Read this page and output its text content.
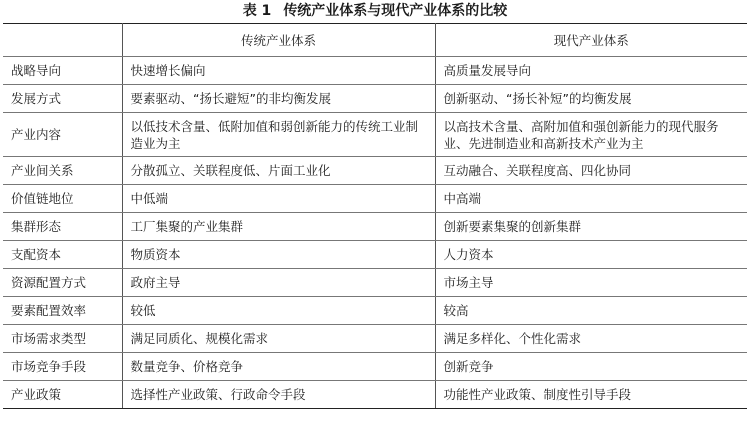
表 1 传统产业体系与现代产业体系的比较
	传统产业体系	现代产业体系
战略导向	快速增长偏向	高质量发展导向
发展方式	要素驱动、“扬长避短”的非均衡发展	创新驱动、“扬长补短”的均衡发展
产业内容	以低技术含量、低附加值和弱创新能力的传统工业制造业为主	以高技术含量、高附加值和强创新能力的现代服务业、先进制造业和高新技术产业为主
产业间关系	分散孤立、关联程度低、片面工业化	互动融合、关联程度高、四化协同
价值链地位	中低端	中高端
集群形态	工厂集聚的产业集群	创新要素集聚的创新集群
支配资本	物质资本	人力资本
资源配置方式	政府主导	市场主导
要素配置效率	较低	较高
市场需求类型	满足同质化、规模化需求	满足多样化、个性化需求
市场竞争手段	数量竞争、价格竞争	创新竞争
产业政策	选择性产业政策、行政命令手段	功能性产业政策、制度性引导手段
